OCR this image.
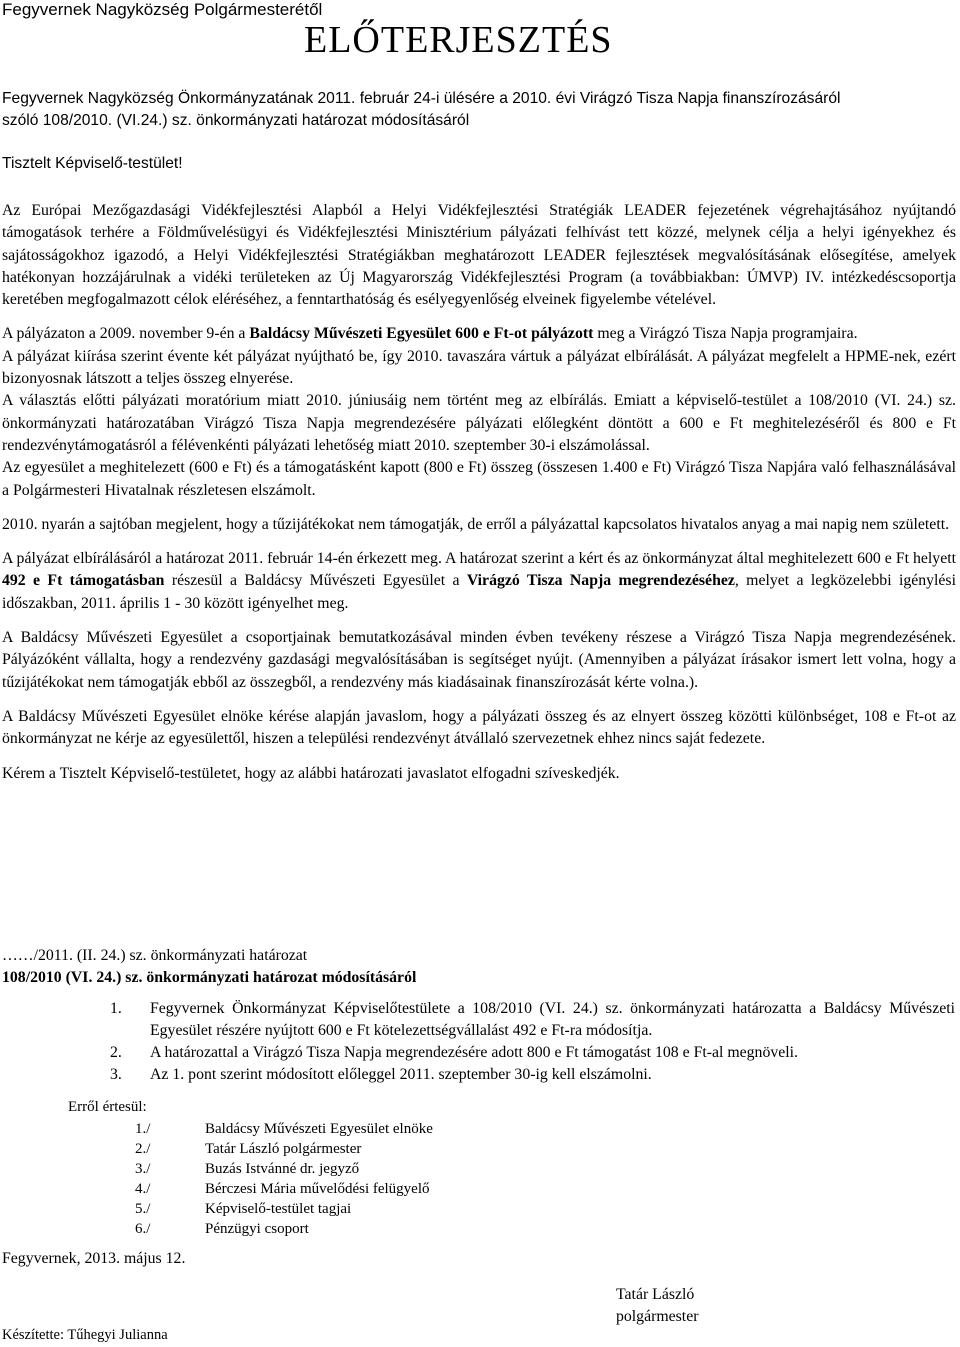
Fegyvernek Nagyközség Polgármesterétől
ELŐTERJESZTÉS
Fegyvernek Nagyközség Önkormányzatának 2011. február 24-i ülésére a 2010. évi Virágzó Tisza Napja finanszírozásáról
szóló 108/2010. (VI.24.) sz. önkormányzati határozat módosításáról
Tisztelt Képviselő-testület!

Az Európai Mezőgazdasági Vidékfejlesztési Alapból a Helyi Vidékfejlesztési Stratégiák LEADER fejezetének végrehajtásához nyújtandó támogatások terhére a Földművelésügyi és Vidékfejlesztési Minisztérium pályázati felhívást tett közzé, melynek célja a helyi igényekhez és sajátosságokhoz igazodó, a Helyi Vidékfejlesztési Stratégiákban meghatározott LEADER fejlesztések megvalósításának elősegítése, amelyek hatékonyan hozzájárulnak a vidéki területeken az Új Magyarország Vidékfejlesztési Program (a továbbiakban: ÚMVP) IV. intézkedéscsoportja keretében megfogalmazott célok eléréséhez, a fenntarthatóság és esélyegyenlőség elveinek figyelembe vételével.

A pályázaton a 2009. november 9-én a Baldácsy Művészeti Egyesület 600 e Ft-ot pályázott meg a Virágzó Tisza Napja programjaira.

A pályázat kiírása szerint évente két pályázat nyújtható be, így 2010. tavaszára vártuk a pályázat elbírálását. A pályázat megfelelt a HPME-nek, ezért bizonyosnak látszott a teljes összeg elnyerése.

A választás előtti pályázati moratórium miatt 2010. júniusáig nem történt meg az elbírálás. Emiatt a képviselő-testület a 108/2010 (VI. 24.) sz. önkormányzati határozatában Virágzó Tisza Napja megrendezésére pályázati előlegként döntött a 600 e Ft meghitelezéséről és 800 e Ft rendezvénytámogatásról a félévenkénti pályázati lehetőség miatt 2010. szeptember 30-i elszámolással.

Az egyesület a meghitelezett (600 e Ft) és a támogatásként kapott (800 e Ft) összeg (összesen 1.400 e Ft) Virágzó Tisza Napjára való felhasználásával a Polgármesteri Hivatalnak részletesen elszámolt.

2010. nyarán a sajtóban megjelent, hogy a tűzijátékokat nem támogatják, de erről a pályázattal kapcsolatos hivatalos anyag a mai napig nem született.

A pályázat elbírálásáról a határozat 2011. február 14-én érkezett meg. A határozat szerint a kért és az önkormányzat által meghitelezett 600 e Ft helyett 492 e Ft támogatásban részesül a Baldácsy Művészeti Egyesület a Virágzó Tisza Napja megrendezéséhez, melyet a legközelebbi igénylési időszakban, 2011. április 1 - 30 között igényelhet meg.

A Baldácsy Művészeti Egyesület a csoportjainak bemutatkozásával minden évben tevékeny részese a Virágzó Tisza Napja megrendezésének. Pályázóként vállalta, hogy a rendezvény gazdasági megvalósításában is segítséget nyújt. (Amennyiben a pályázat írásakor ismert lett volna, hogy a tűzijátékokat nem támogatják ebből az összegből, a rendezvény más kiadásainak finanszírozását kérte volna.).

A Baldácsy Művészeti Egyesület elnöke kérése alapján javaslom, hogy a pályázati összeg és az elnyert összeg közötti különbséget, 108 e Ft-ot az önkormányzat ne kérje az egyesülettől, hiszen a települési rendezvényt átvállaló szervezetnek ehhez nincs saját fedezete.

Kérem a Tisztelt Képviselő-testületet, hogy az alábbi határozati javaslatot elfogadni szíveskedjék.

……/2011. (II. 24.) sz. önkormányzati határozat
108/2010 (VI. 24.) sz. önkormányzati határozat módosításáról
1.	Fegyvernek Önkormányzat Képviselőtestülete a 108/2010 (VI. 24.) sz. önkormányzati határozatta a Baldácsy Művészeti Egyesület részére nyújtott 600 e Ft kötelezettségvállalást 492 e Ft-ra módosítja.
2.	A határozattal a Virágzó Tisza Napja megrendezésére adott 800 e Ft támogatást 108 e Ft-al megnöveli.
3.	Az 1. pont szerint módosított előleggel 2011. szeptember 30-ig kell elszámolni.
Erről értesül:
1./	Baldácsy Művészeti Egyesület elnöke
2./	Tatár László polgármester
3./	Buzás Istvánné dr. jegyző
4./	Bérczesi Mária művelődési felügyelő
5./	Képviselő-testület tagjai
6./	Pénzügyi csoport
Fegyvernek, 2013. május 12.
Tatár László
polgármester
Készítette: Tűhegyi Julianna
